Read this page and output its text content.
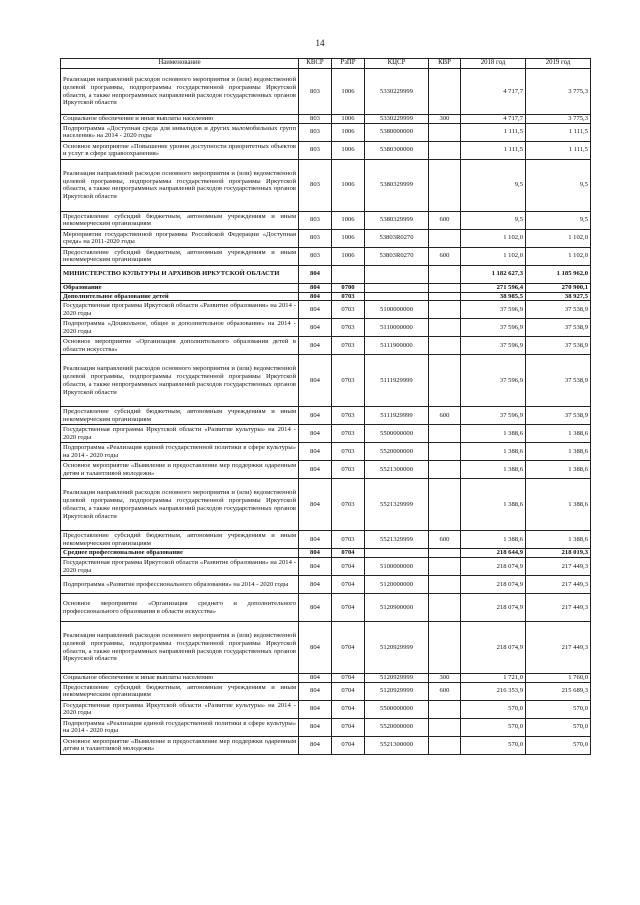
14
Наименование	КВСР	РзПР	КЦСР	КВР	2018 год	2019 год
Реализация направлений расходов основного мероприятия и (или) ведомственной целевой программы, подпрограммы государственной программы Иркутской области, а также непрограммных направлений расходов государственных органов Иркутской области	803	1006	5330229999		4 717,7	3 775,3
Социальное обеспечение и иные выплаты населению	803	1006	5330229999	300	4 717,7	3 775,3
Подпрограмма «Доступная среда для инвалидов и других маломобильных групп населения» на 2014 - 2020 годы	803	1006	5380000000		1 111,5	1 111,5
Основное мероприятие «Повышение уровня доступности приоритетных объектов и услуг в сфере здравоохранения»	803	1006	5380300000		1 111,5	1 111,5
Реализация направлений расходов основного мероприятия и (или) ведомственной целевой программы, подпрограммы государственной программы Иркутской области, а также непрограммных направлений расходов государственных органов Иркутской области	803	1006	5380329999		9,5	9,5
Предоставление субсидий бюджетным, автономным учреждениям и иным некоммерческим организациям	803	1006	5380329999	600	9,5	9,5
Мероприятия государственной программы Российской Федерации «Доступная среда» на 2011-2020 годы	803	1006	53803R0270		1 102,0	1 102,0
Предоставление субсидий бюджетным, автономным учреждениям и иным некоммерческим организациям	803	1006	53803R0270	600	1 102,0	1 102,0
МИНИСТЕРСТВО КУЛЬТУРЫ И АРХИВОВ ИРКУТСКОЙ ОБЛАСТИ	804				1 182 627,3	1 185 962,0
Образование	804	0700			271 596,4	270 900,1
Дополнительное образование детей	804	0703			38 985,5	38 927,5
Государственная программа Иркутской области «Развитие образования» на 2014 - 2020 годы	804	0703	5100000000		37 596,9	37 538,9
Подпрограмма «Дошкольное, общее и дополнительное образование» на 2014 - 2020 годы	804	0703	5110000000		37 596,9	37 538,9
Основное мероприятие «Организация дополнительного образования детей в области искусства»	804	0703	5111900000		37 596,9	37 538,9
Реализация направлений расходов основного мероприятия и (или) ведомственной целевой программы, подпрограммы государственной программы Иркутской области, а также непрограммных направлений расходов государственных органов Иркутской области	804	0703	5111929999		37 596,9	37 538,9
Предоставление субсидий бюджетным, автономным учреждениям и иным некоммерческим организациям	804	0703	5111929999	600	37 596,9	37 538,9
Государственная программа Иркутской области «Развитие культуры» на 2014 - 2020 годы	804	0703	5500000000		1 388,6	1 388,6
Подпрограмма «Реализация единой государственной политики в сфере культуры» на 2014 - 2020 годы	804	0703	5520000000		1 388,6	1 388,6
Основное мероприятие «Выявление и предоставление мер поддержки одаренным детям и талантливой молодежи»	804	0703	5521300000		1 388,6	1 388,6
Реализация направлений расходов основного мероприятия и (или) ведомственной целевой программы, подпрограммы государственной программы Иркутской области, а также непрограммных направлений расходов государственных органов Иркутской области	804	0703	5521329999		1 388,6	1 388,6
Предоставление субсидий бюджетным, автономным учреждениям и иным некоммерческим организациям	804	0703	5521329999	600	1 388,6	1 388,6
Среднее профессиональное образование	804	0704			218 644,9	218 019,3
Государственная программа Иркутской области «Развитие образования» на 2014 - 2020 годы	804	0704	5100000000		218 074,9	217 449,3
Подпрограмма «Развитие профессионального образования» на 2014 - 2020 годы	804	0704	5120000000		218 074,9	217 449,3
Основное мероприятие «Организация среднего и дополнительного профессионального образования в области искусства»	804	0704	5120900000		218 074,9	217 449,3
Реализация направлений расходов основного мероприятия и (или) ведомственной целевой программы, подпрограммы государственной программы Иркутской области, а также непрограммных направлений расходов государственных органов Иркутской области	804	0704	5120929999		218 074,9	217 449,3
Социальное обеспечение и иные выплаты населению	804	0704	5120929999	300	1 721,0	1 760,0
Предоставление субсидий бюджетным, автономным учреждениям и иным некоммерческим организациям	804	0704	5120929999	600	216 353,9	215 689,3
Государственная программа Иркутской области «Развитие культуры» на 2014 - 2020 годы	804	0704	5500000000		570,0	570,0
Подпрограмма «Реализация единой государственной политики в сфере культуры» на 2014 - 2020 годы	804	0704	5520000000		570,0	570,0
Основное мероприятие «Выявление и предоставление мер поддержки одаренным детям и талантливой молодежи»	804	0704	5521300000		570,0	570,0
